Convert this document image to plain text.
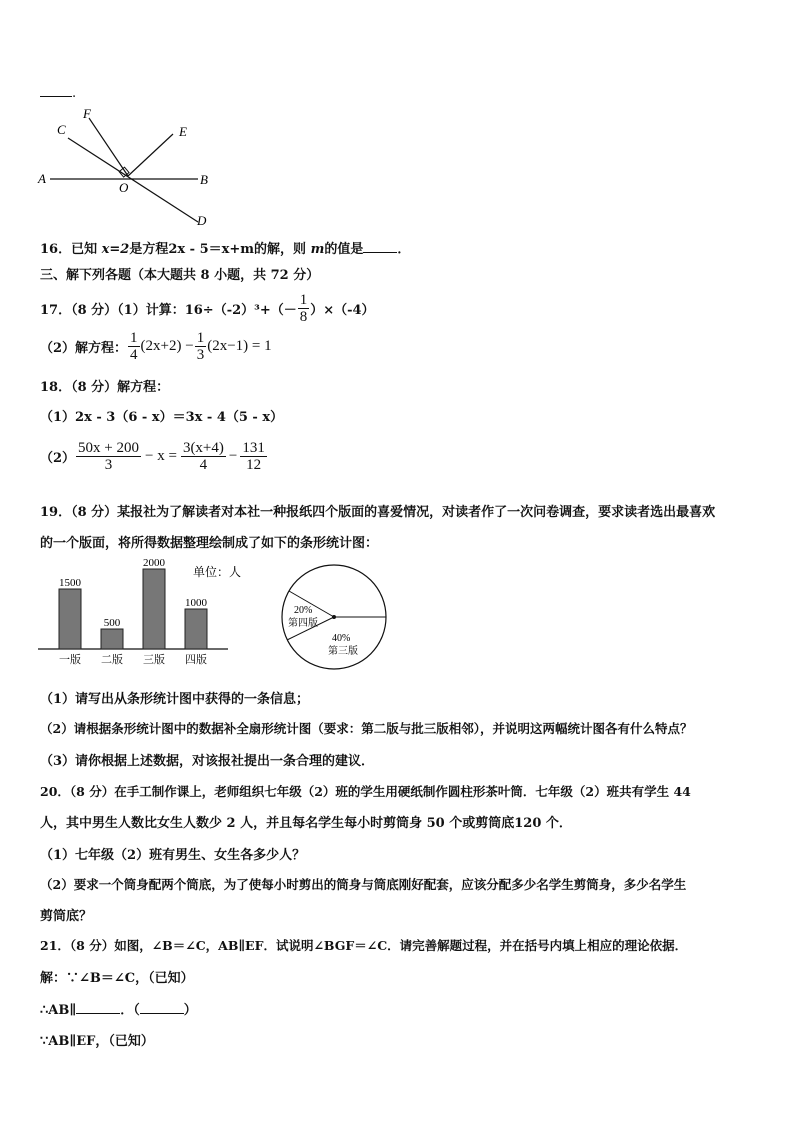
.
A	B
C
D
E
F
O
16．已知 x=2是方程2x - 5＝x+m的解，则 m的值是	．
三、解下列各题（本大题共 8 小题，共 72 分）
17．（8 分）（1）计算：$16\div(-2)^3+(- \frac{1}{8} )\times(-4)$
（2）解方程： $\frac{1}{4} (2x+2) - \frac{1}{3} (2x-1) = 1$
18．（8 分）解方程：
（1）2x - 3（6 - x）＝3x - 4（5 - x）
$(2) \frac{50x + 200}{3} - x = \frac{3(x+4)}{4} - \frac{131}{12}$
19．（8 分）某报社为了解读者对本社一种报纸四个版面的喜爱情况，对读者作了一次问卷调查，要求读者选出最喜欢
的一个版面，将所得数据整理绘制成了如下的条形统计图：
单位：人
1500
一版
500
二版
2000
三版
1000
四版
20%
第四版
40%
第三版
（1）请写出从条形统计图中获得的一条信息；
（2）请根据条形统计图中的数据补全扇形统计图（要求：第二版与批三版相邻），并说明这两幅统计图各有什么特点？
（3）请你根据上述数据，对该报社提出一条合理的建议．
20．（8 分）在手工制作课上，老师组织七年级（2）班的学生用硬纸制作圆柱形茶叶筒．七年级（2）班共有学生 44
人，其中男生人数比女生人数少 2 人，并且每名学生每小时剪筒身 50 个或剪筒底120 个．
（1）七年级（2）班有男生、女生各多少人？
（2）要求一个筒身配两个筒底，为了使每小时剪出的筒身与筒底刚好配套，应该分配多少名学生剪筒身，多少名学生
剪筒底？
21．（8 分）如图，∠B＝∠C，AB∥EF．试说明∠BGF＝∠C．请完善解题过程，并在括号内填上相应的理论依据．
解：∵∠B＝∠C，（已知）
∴AB∥	．（	）
∵AB∥EF，（已知）
